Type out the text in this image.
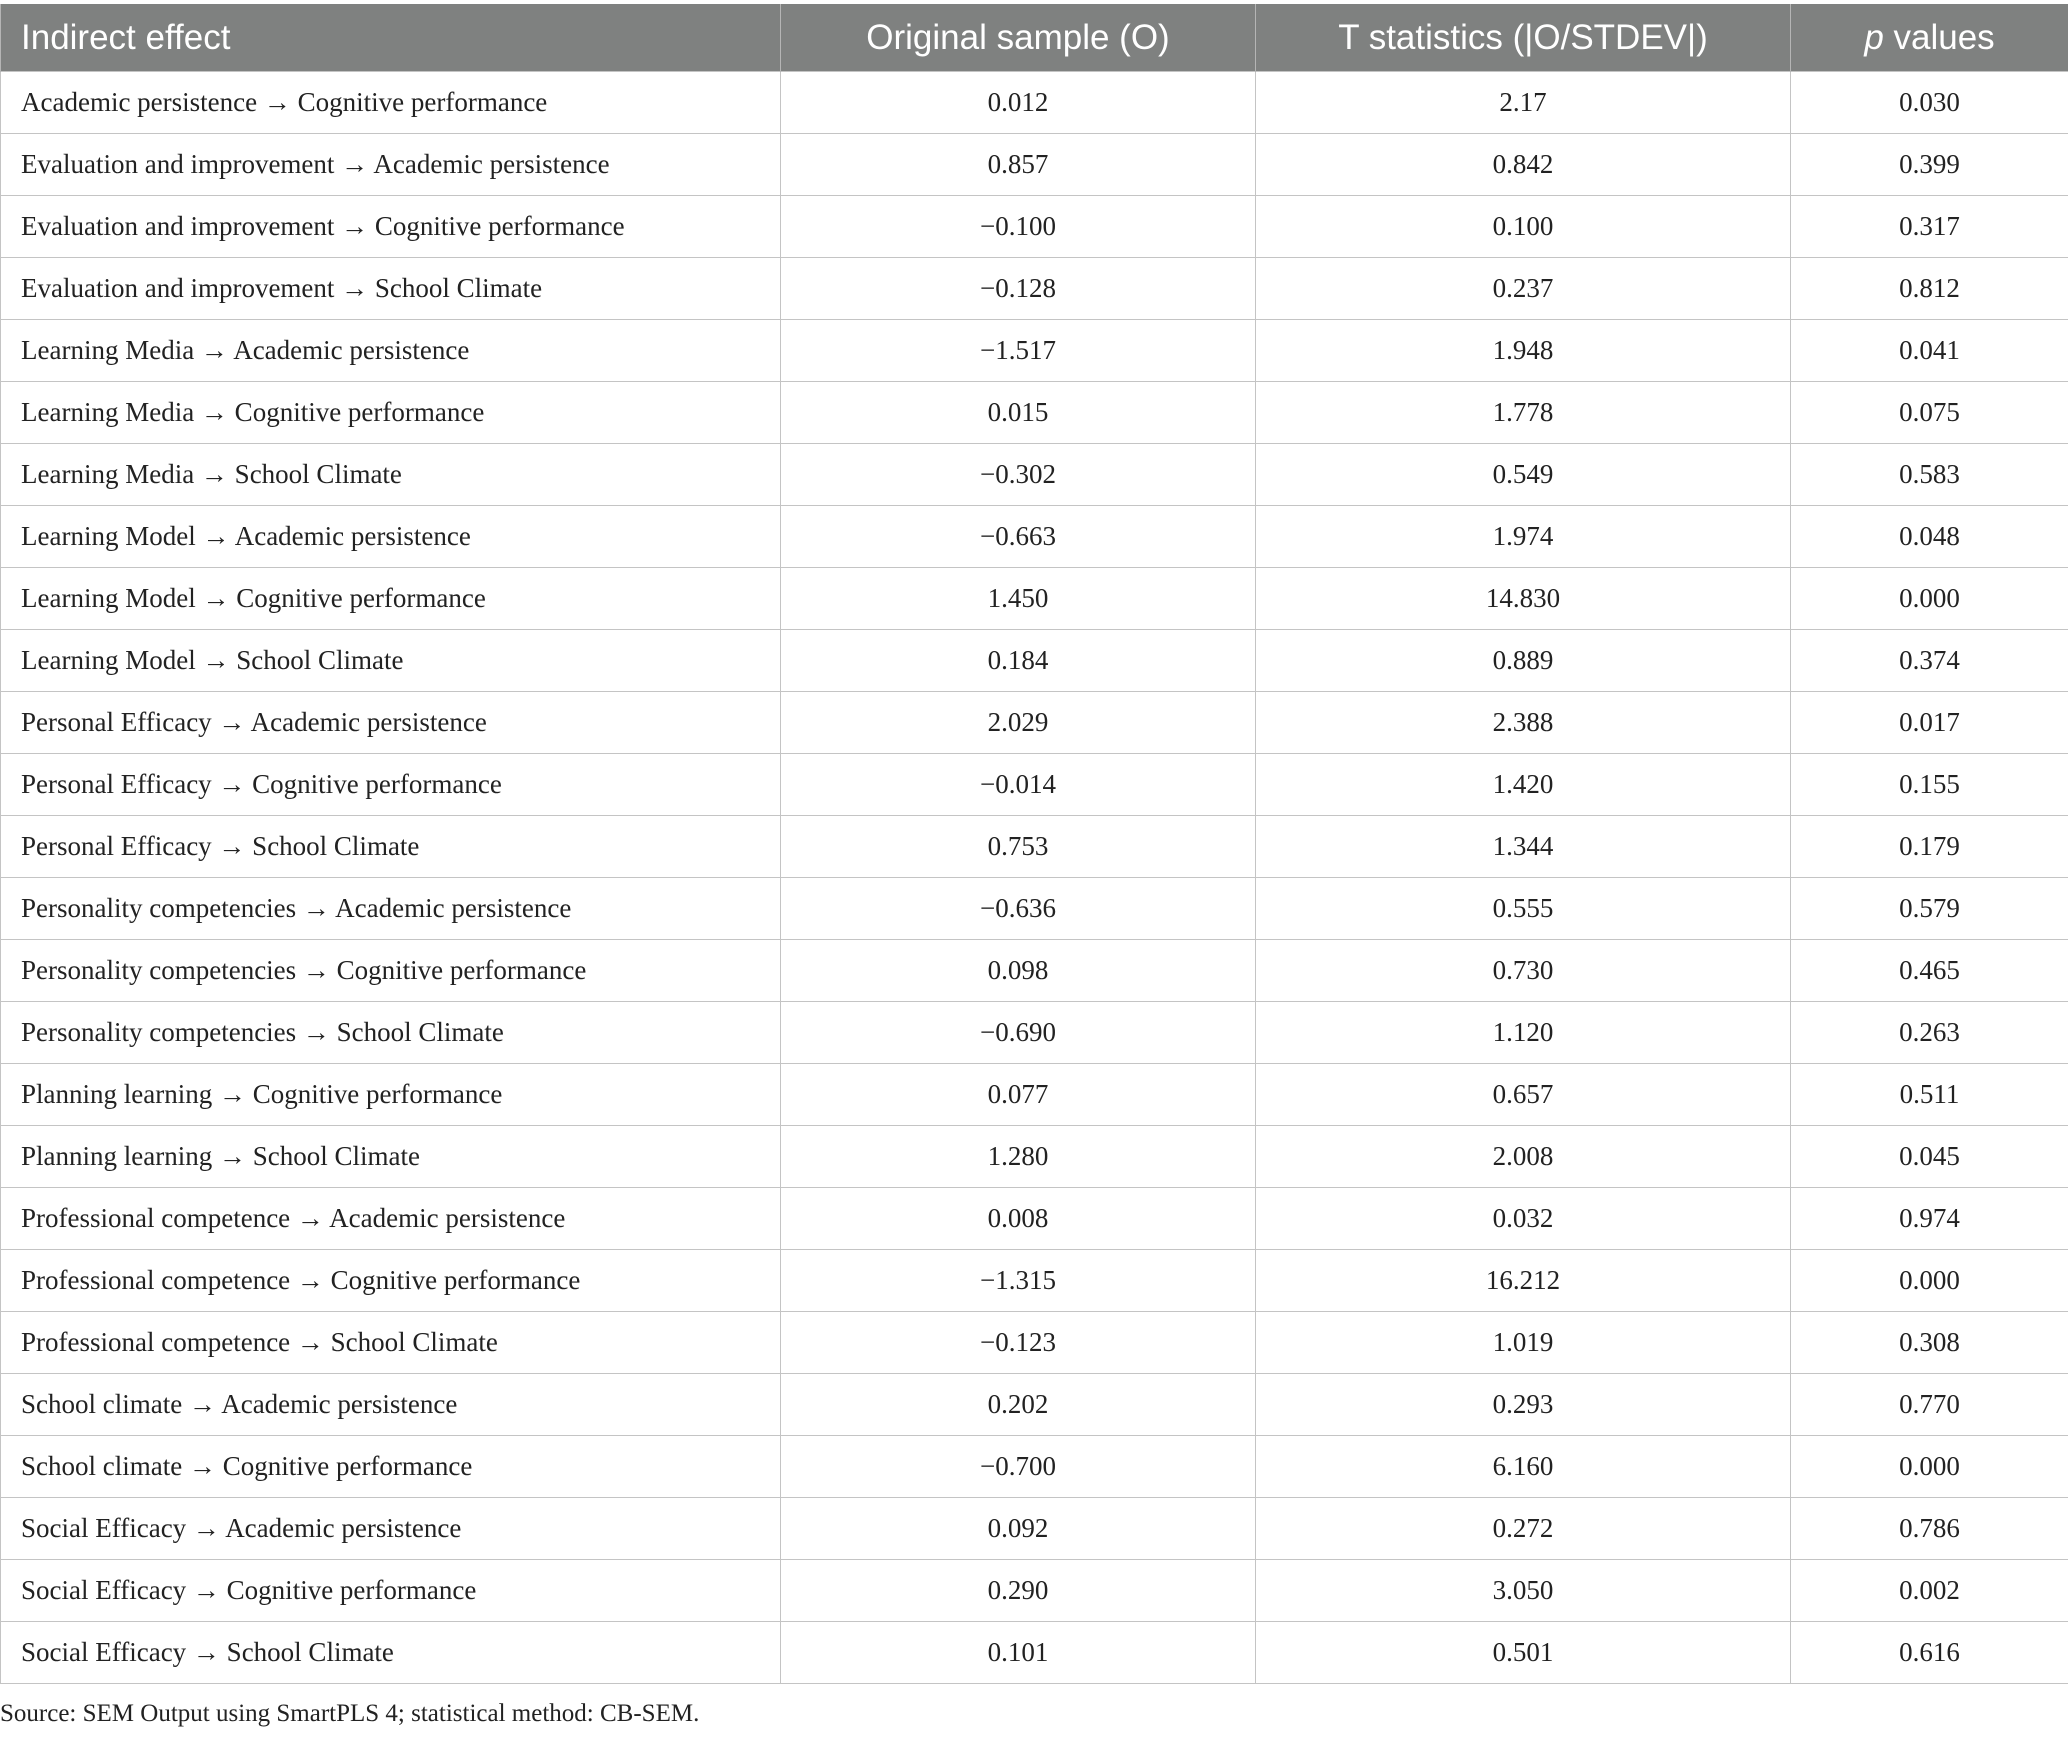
Indirect effect	Original sample (O)	T statistics (|O/STDEV|)	p values
Academic persistence → Cognitive performance	0.012	2.17	0.030
Evaluation and improvement → Academic persistence	0.857	0.842	0.399
Evaluation and improvement → Cognitive performance	−0.100	0.100	0.317
Evaluation and improvement → School Climate	−0.128	0.237	0.812
Learning Media → Academic persistence	−1.517	1.948	0.041
Learning Media → Cognitive performance	0.015	1.778	0.075
Learning Media → School Climate	−0.302	0.549	0.583
Learning Model → Academic persistence	−0.663	1.974	0.048
Learning Model → Cognitive performance	1.450	14.830	0.000
Learning Model → School Climate	0.184	0.889	0.374
Personal Efficacy → Academic persistence	2.029	2.388	0.017
Personal Efficacy → Cognitive performance	−0.014	1.420	0.155
Personal Efficacy → School Climate	0.753	1.344	0.179
Personality competencies → Academic persistence	−0.636	0.555	0.579
Personality competencies → Cognitive performance	0.098	0.730	0.465
Personality competencies → School Climate	−0.690	1.120	0.263
Planning learning → Cognitive performance	0.077	0.657	0.511
Planning learning → School Climate	1.280	2.008	0.045
Professional competence → Academic persistence	0.008	0.032	0.974
Professional competence → Cognitive performance	−1.315	16.212	0.000
Professional competence → School Climate	−0.123	1.019	0.308
School climate → Academic persistence	0.202	0.293	0.770
School climate → Cognitive performance	−0.700	6.160	0.000
Social Efficacy → Academic persistence	0.092	0.272	0.786
Social Efficacy → Cognitive performance	0.290	3.050	0.002
Social Efficacy → School Climate	0.101	0.501	0.616
Source: SEM Output using SmartPLS 4; statistical method: CB-SEM.
